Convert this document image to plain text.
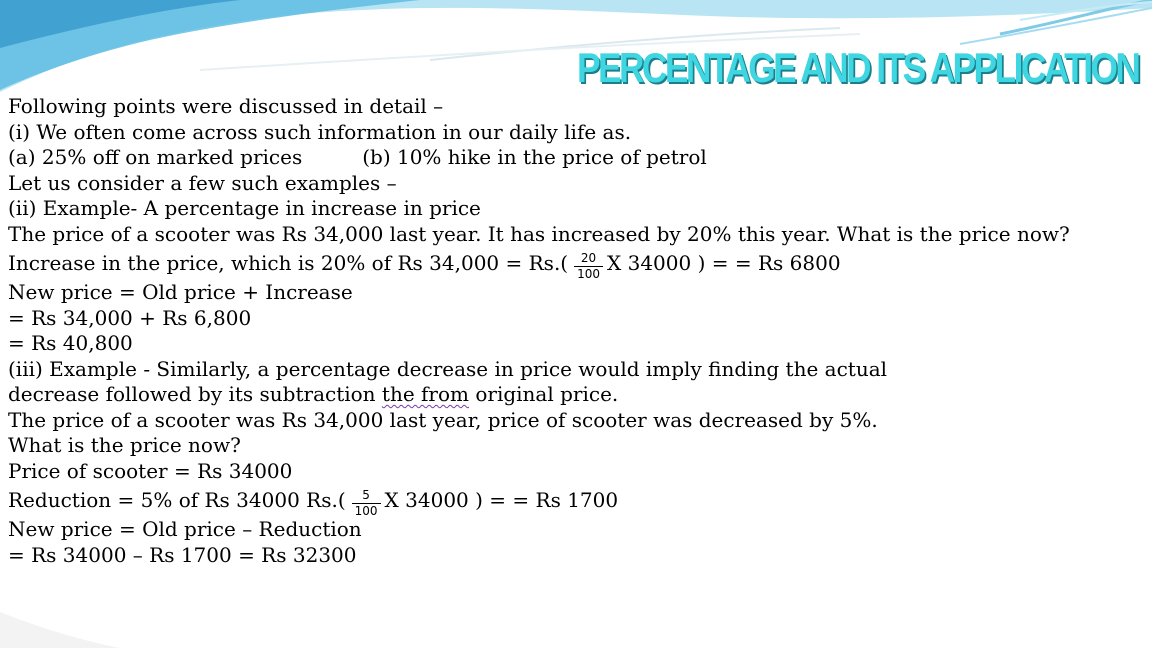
PERCENTAGE AND ITS APPLICATION
Following points were discussed in detail –
(i) We often come across such information in our daily life as.
(a) 25% off on marked prices	(b) 10% hike in the price of petrol
Let us consider a few such examples –
(ii) Example- A percentage in increase in price
The price of a scooter was Rs 34,000 last year. It has increased by 20% this year. What is the price now?
Increase in the price, which is 20% of Rs $34,000 = Rs.( \frac{20}{100}$ X 34000 ) = = Rs 6800
New price = Old price + Increase
= Rs 34,000 + Rs 6,800
= Rs 40,800
(iii) Example - Similarly, a percentage decrease in price would imply finding the actual
decrease followed by its subtraction the from original price.
The price of a scooter was Rs 34,000 last year, price of scooter was decreased by 5%.
What is the price now?
Price of scooter = Rs 34000
Reduction = 5% of Rs 34000 $Rs.( \frac{5}{100}$ X 34000 ) = = Rs 1700
New price = Old price – Reduction
= Rs 34000 – Rs 1700 = Rs 32300
